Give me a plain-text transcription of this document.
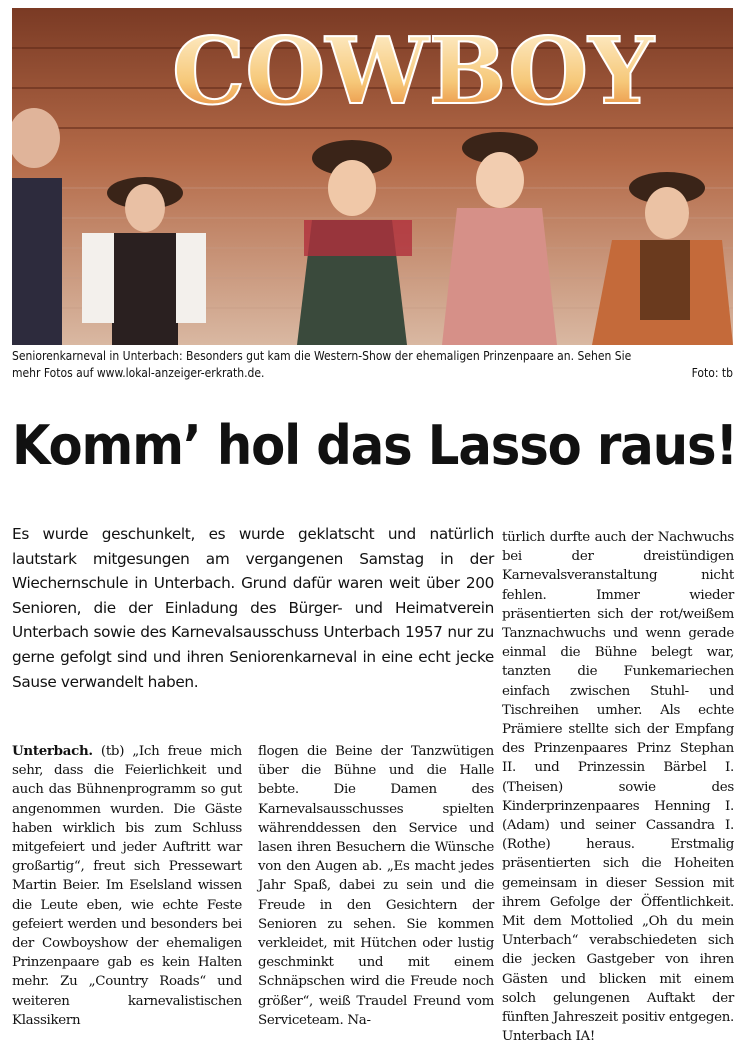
COWBOY
Seniorenkarneval in Unterbach: Besonders gut kam die Western-Show der ehemaligen Prinzenpaare an. Sehen Sie
mehr Fotos auf www.lokal-anzeiger-erkrath.de.	Foto: tb
Komm’ hol das Lasso raus!

Es wurde geschunkelt, es wurde geklatscht und natürlich lautstark mitgesungen am vergangenen Samstag in der Wiechernschule in Unterbach. Grund dafür waren weit über 200 Senioren, die der Einladung des Bürger- und Heimatverein Unterbach sowie des Karnevalsausschuss Unterbach 1957 nur zu gerne gefolgt sind und ihren Seniorenkarneval in eine echt jecke Sause verwandelt haben.

Unterbach. (tb) „Ich freue mich sehr, dass die Feierlichkeit und auch das Bühnenprogramm so gut angenommen wurden. Die Gäste haben wirklich bis zum Schluss mitgefeiert und jeder Auftritt war großartig“, freut sich Pressewart Martin Beier. Im Eselsland wissen die Leute eben, wie echte Feste gefeiert werden und besonders bei der Cowboyshow der ehemaligen Prinzenpaare gab es kein Halten mehr. Zu „Country Roads“ und weiteren karnevalistischen Klassikern

flogen die Beine der Tanzwütigen über die Bühne und die Halle bebte. Die Damen des Karnevalsausschusses spielten währenddessen den Service und lasen ihren Besuchern die Wünsche von den Augen ab. „Es macht jedes Jahr Spaß, dabei zu sein und die Freude in den Gesichtern der Senioren zu sehen. Sie kommen verkleidet, mit Hütchen oder lustig geschminkt und mit einem Schnäpschen wird die Freude noch größer“, weiß Traudel Freund vom Serviceteam. Na-

türlich durfte auch der Nachwuchs bei der dreistündigen Karnevalsveranstaltung nicht fehlen. Immer wieder präsentierten sich der rot/weißem Tanznachwuchs und wenn gerade einmal die Bühne belegt war, tanzten die Funkemariechen einfach zwischen Stuhl- und Tischreihen umher. Als echte Prämiere stellte sich der Empfang des Prinzenpaares Prinz Stephan II. und Prinzessin Bärbel I. (Theisen) sowie des Kinderprinzenpaares Henning I. (Adam) und seiner Cassandra I. (Rothe) heraus. Erstmalig präsentierten sich die Hoheiten gemeinsam in dieser Session mit ihrem Gefolge der Öffentlichkeit. Mit dem Mottolied „Oh du mein Unterbach“ verabschiedeten sich die jecken Gastgeber von ihren Gästen und blicken mit einem solch gelungenen Auftakt der fünften Jahreszeit positiv entgegen. Unterbach IA!
